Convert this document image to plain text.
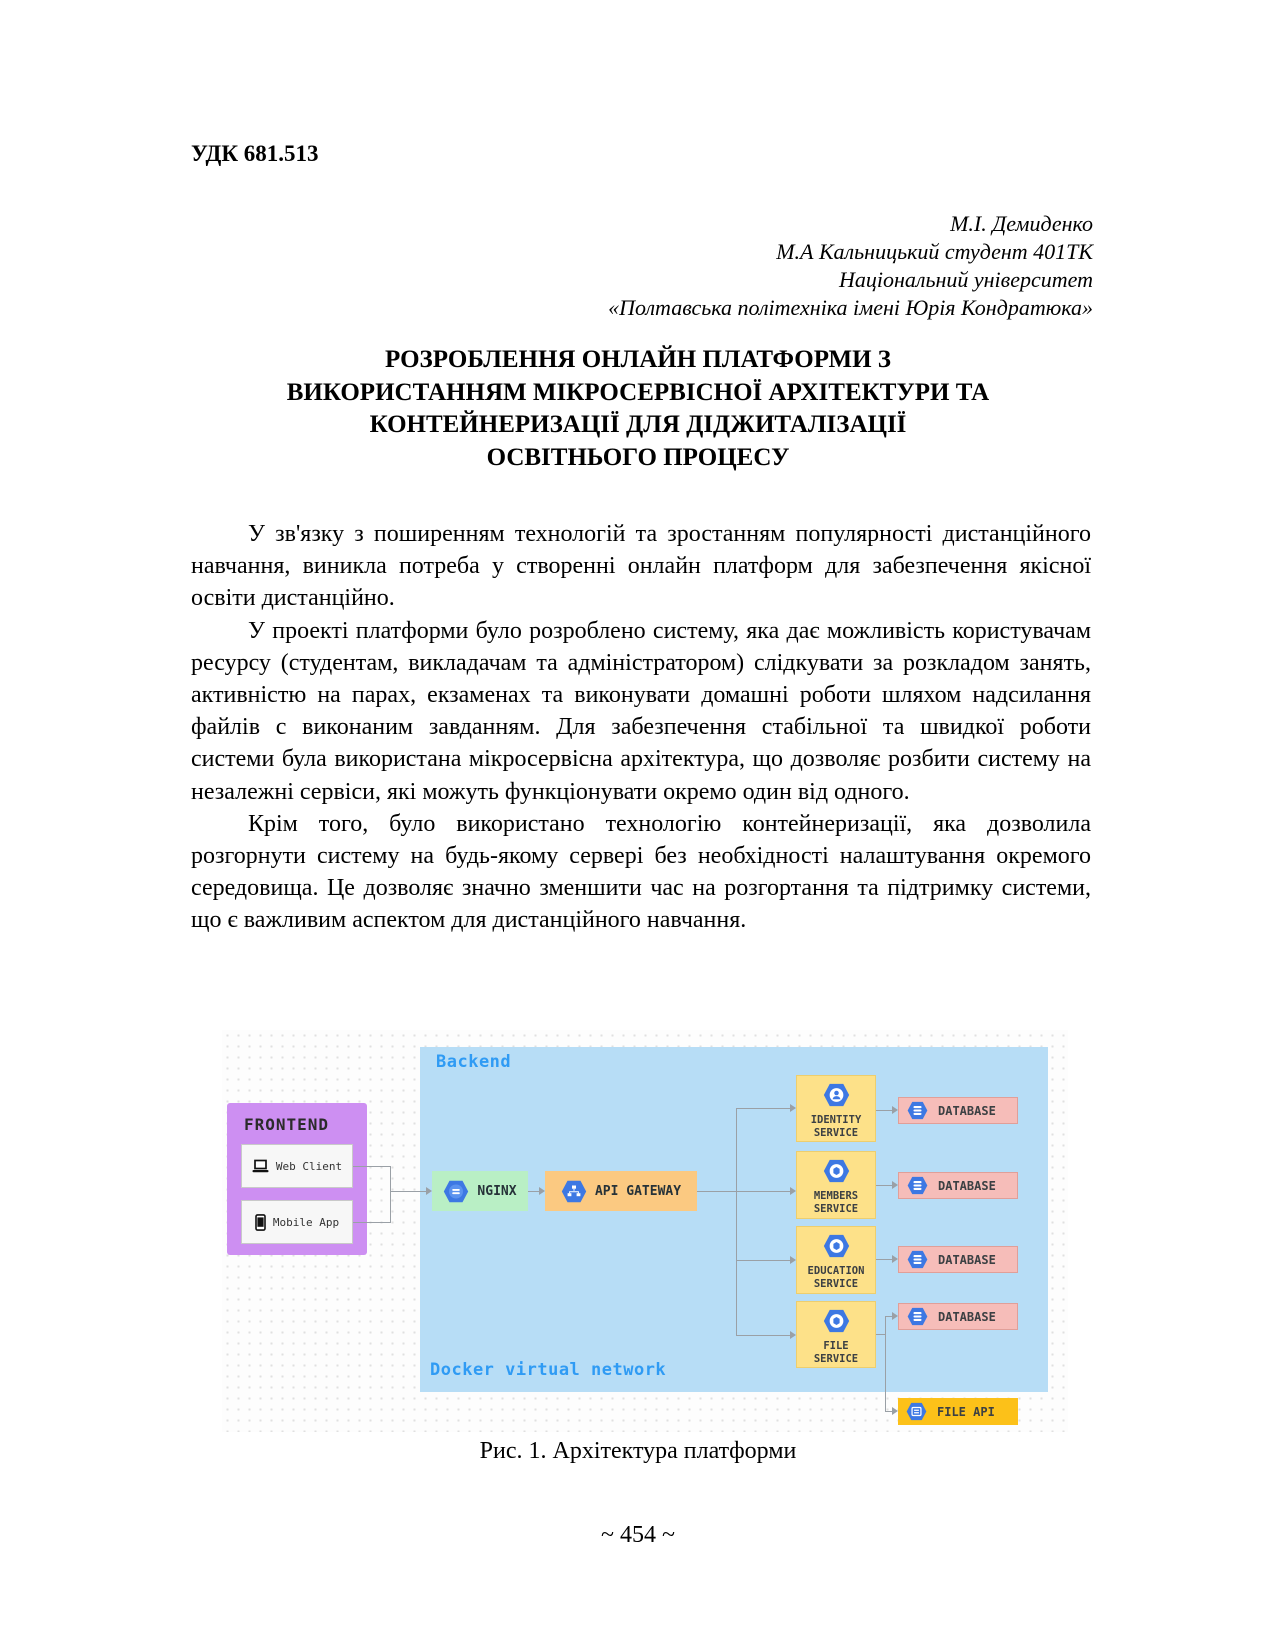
УДК 681.513
М.І. Демиденко
М.А Кальницький студент 401ТК
Національний університет
«Полтавська політехніка імені Юрія Кондратюка»
РОЗРОБЛЕННЯ ОНЛАЙН ПЛАТФОРМИ З
ВИКОРИСТАННЯМ МІКРОСЕРВІСНОЇ АРХІТЕКТУРИ ТА
КОНТЕЙНЕРИЗАЦІЇ ДЛЯ ДІДЖИТАЛІЗАЦІЇ
ОСВІТНЬОГО ПРОЦЕСУ

У зв'язку з поширенням технологій та зростанням популярності дистанційного навчання, виникла потреба у створенні онлайн платформ для забезпечення якісної освіти дистанційно.

У проекті платформи було розроблено систему, яка дає можливість користувачам ресурсу (студентам, викладачам та адміністратором) слідкувати за розкладом занять, активністю на парах, екзаменах та виконувати домашні роботи шляхом надсилання файлів с виконаним завданням. Для забезпечення стабільної та швидкої роботи системи була використана мікросервісна архітектура, що дозволяє розбити систему на незалежні сервіси, які можуть функціонувати окремо один від одного.

Крім того, було використано технологію контейнеризації, яка дозволила розгорнути систему на будь-якому сервері без необхідності налаштування окремого середовища. Це дозволяє значно зменшити час на розгортання та підтримку системи, що є важливим аспектом для дистанційного навчання.

Backend
Docker virtual network
FRONTEND
Web Client
Mobile App
NGINX	API GATEWAY
IDENTITY
SERVICE
MEMBERS
SERVICE
EDUCATION
SERVICE
FILE
SERVICE
DATABASE
DATABASE
DATABASE
DATABASE
FILE API
Рис. 1. Архітектура платформи
~ 454 ~
